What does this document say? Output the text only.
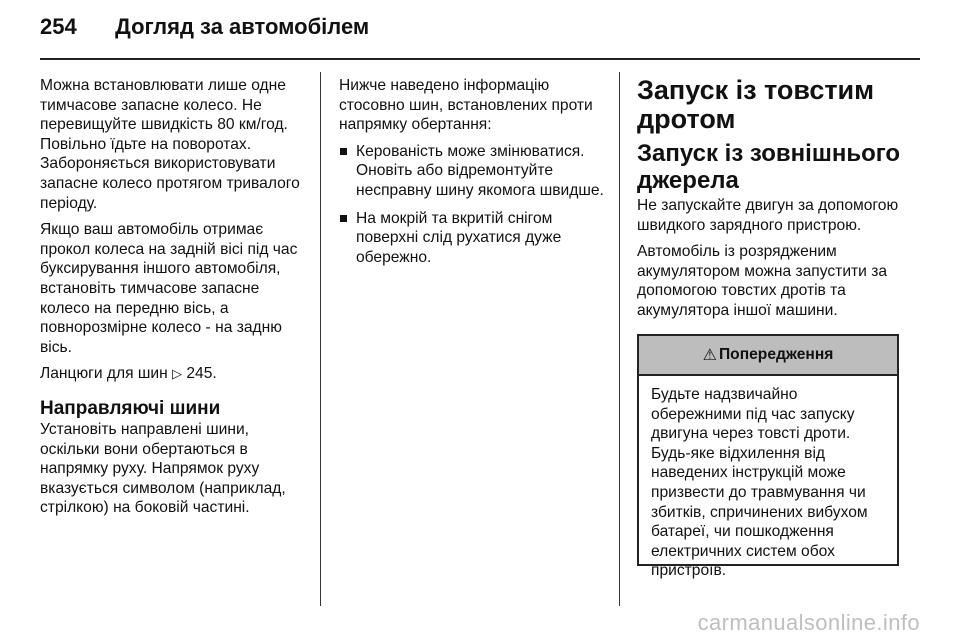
254 Догляд за автомобілем

Можна встановлювати лише одне тимчасове запасне колесо. Не перевищуйте швидкість 80 км/год. Повільно їдьте на поворотах. Забороняється використовувати запасне колесо протягом тривалого періоду.

Якщо ваш автомобіль отримає прокол колеса на задній вісі під час буксирування іншого автомобіля, встановіть тимчасове запасне колесо на передню вісь, а повнорозмірне колесо - на задню вісь.

Ланцюги для шин ▷ 245.

Направляючі шини

Установіть направлені шини, оскільки вони обертаються в напрямку руху. Напрямок руху вказується символом (наприклад, стрілкою) на боковій частині.

Нижче наведено інформацію стосовно шин, встановлених проти напрямку обертання:

Керованість може змінюватися. Оновіть або відремонтуйте несправну шину якомога швидше.
На мокрій та вкритій снігом поверхні слід рухатися дуже обережно.
Запуск із товстим дротом
Запуск із зовнішнього джерела

Не запускайте двигун за допомогою швидкого зарядного пристрою.

Автомобіль із розрядженим акумулятором можна запустити за допомогою товстих дротів та акумулятора іншої машини.

⚠ Попередження
Будьте надзвичайно обережними під час запуску двигуна через товсті дроти. Будь-яке відхилення від наведених інструкцій може призвести до травмування чи збитків, спричинених вибухом батареї, чи пошкодження електричних систем обох пристроїв.
carmanualsonline.info
